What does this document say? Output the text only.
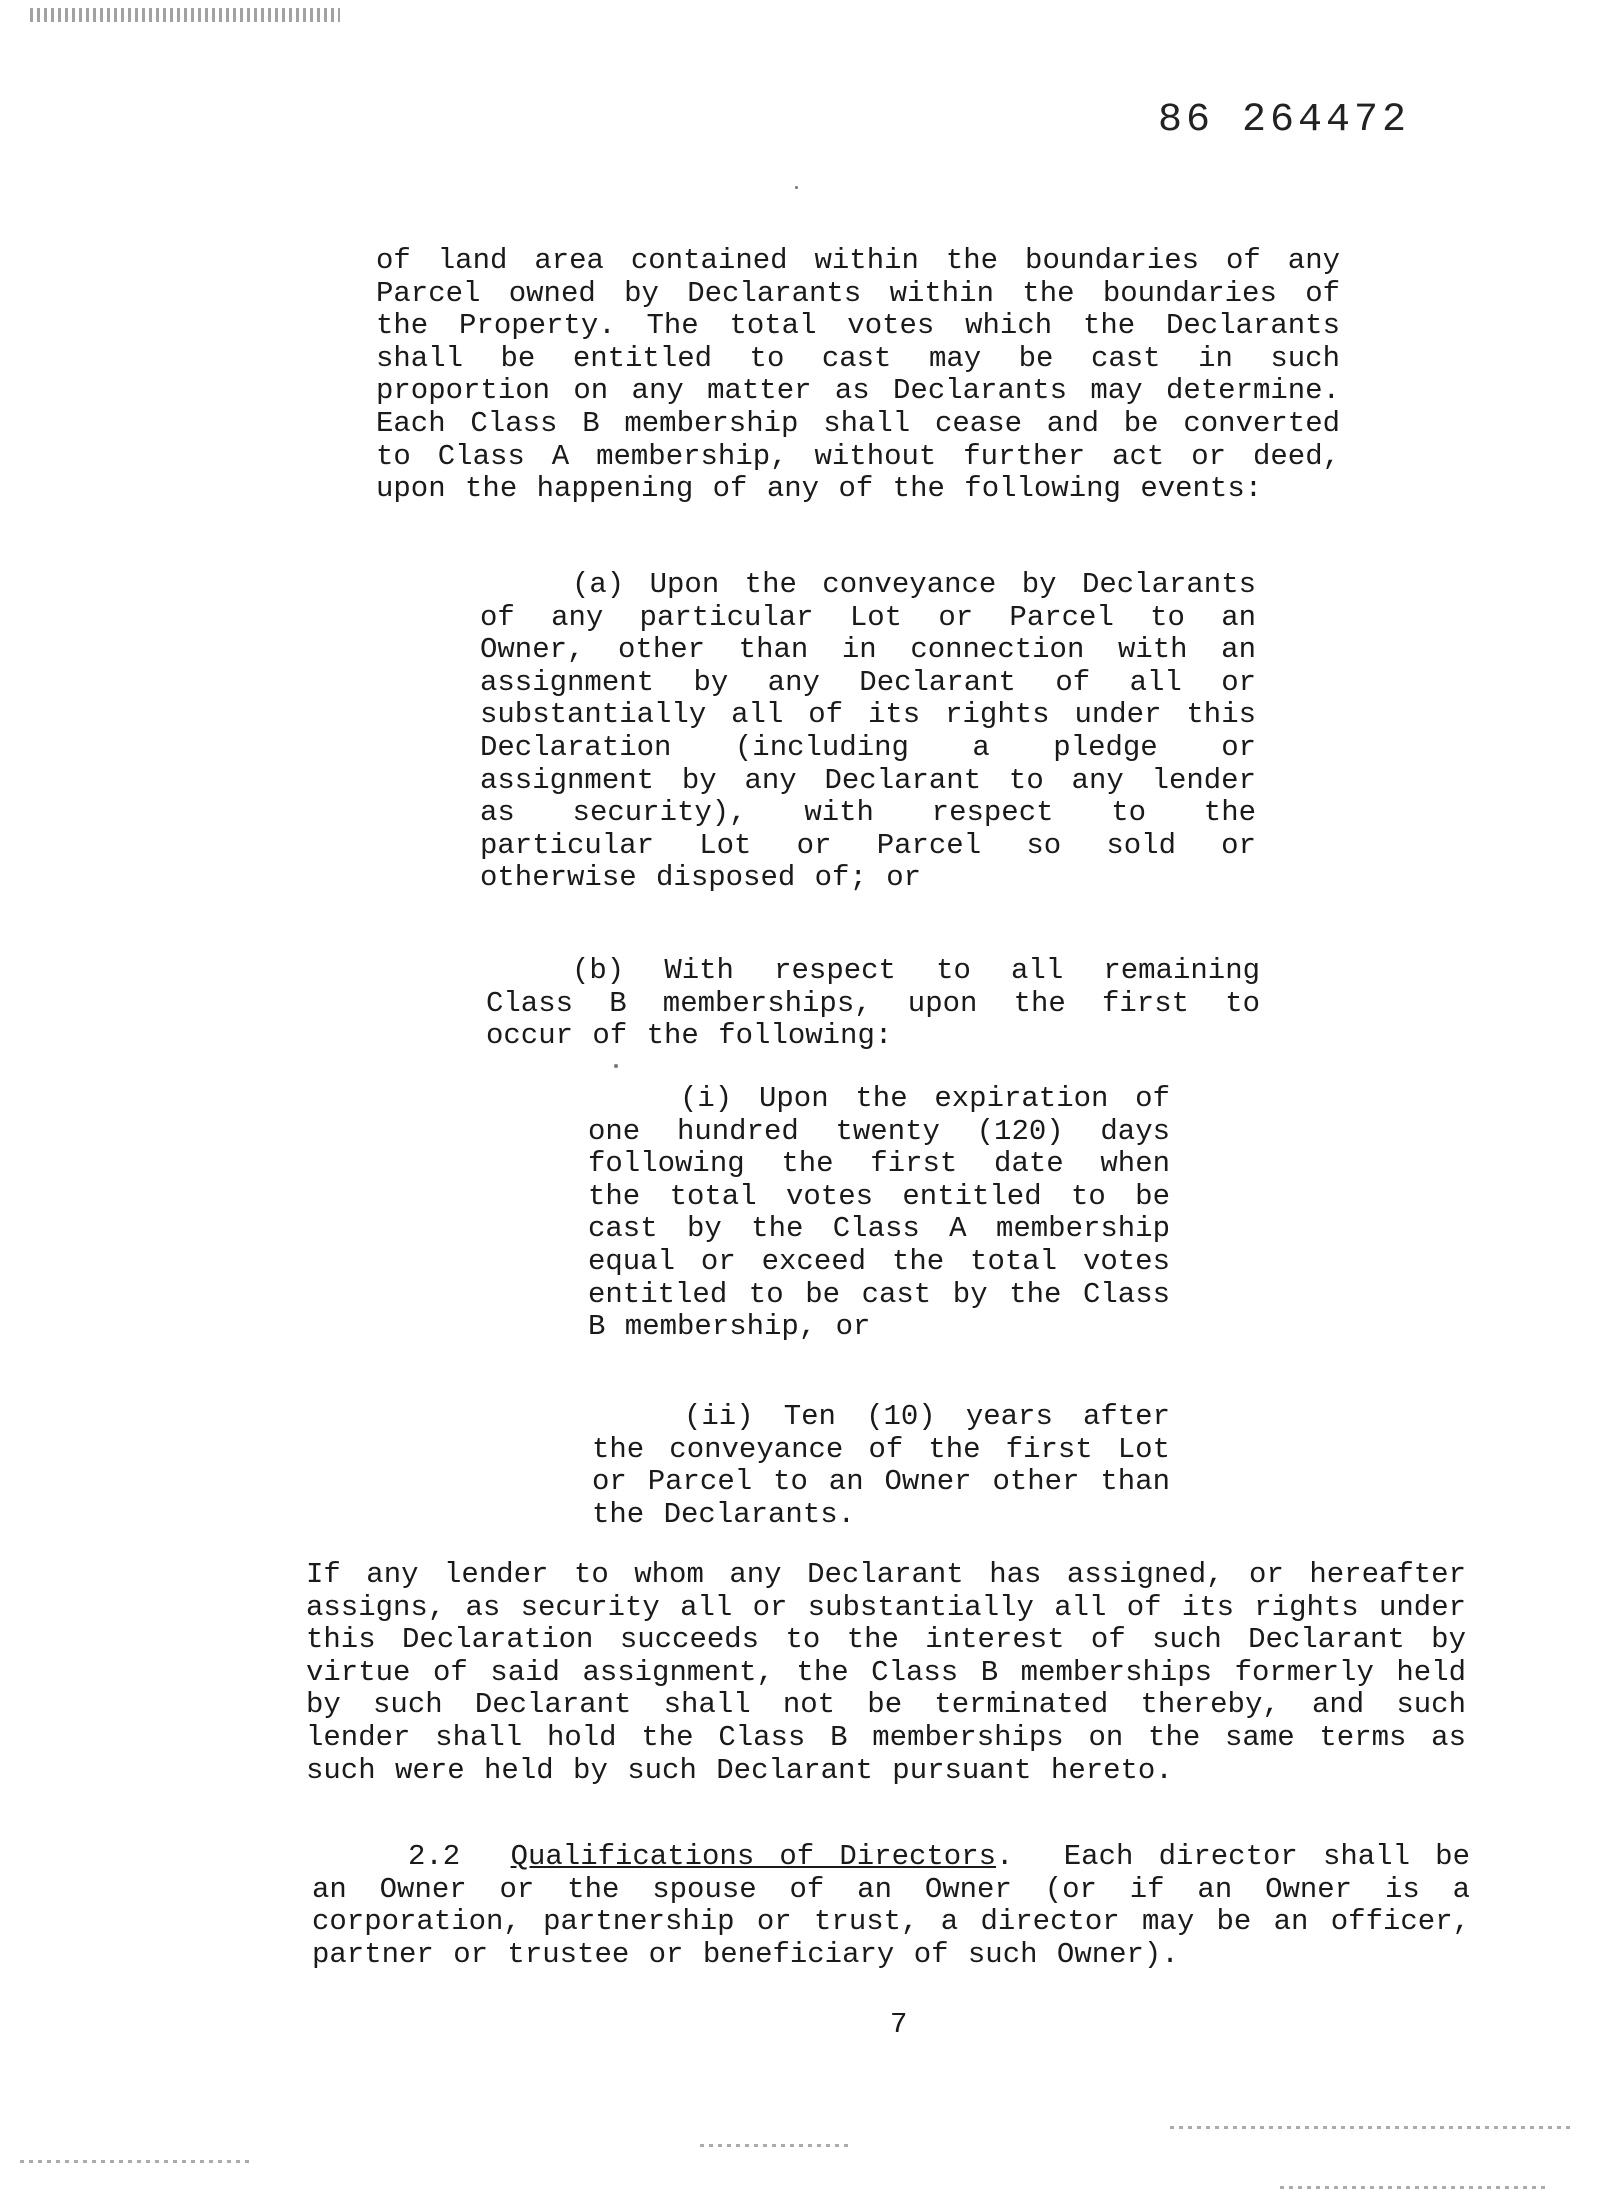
86 264472

of land area contained within the boundaries of any Parcel owned by Declarants within the boundaries of the Property. The total votes which the Declarants shall be entitled to cast may be cast in such proportion on any matter as Declarants may determine. Each Class B membership shall cease and be converted to Class A membership, without further act or deed, upon the happening of any of the following events:

(a) Upon the conveyance by Declarants of any particular Lot or Parcel to an Owner, other than in connection with an assignment by any Declarant of all or substantially all of its rights under this Declaration (including a pledge or assignment by any Declarant to any lender as security), with respect to the particular Lot or Parcel so sold or otherwise disposed of; or

(b) With respect to all remaining Class B memberships, upon the first to occur of the following:

(i) Upon the expiration of one hundred twenty (120) days following the first date when the total votes entitled to be cast by the Class A membership equal or exceed the total votes entitled to be cast by the Class B membership, or

(ii) Ten (10) years after the conveyance of the first Lot or Parcel to an Owner other than the Declarants.

If any lender to whom any Declarant has assigned, or hereafter assigns, as security all or substantially all of its rights under this Declaration succeeds to the interest of such Declarant by virtue of said assignment, the Class B memberships formerly held by such Declarant shall not be terminated thereby, and such lender shall hold the Class B memberships on the same terms as such were held by such Declarant pursuant hereto.

2.2 Qualifications of Directors. Each director shall be an Owner or the spouse of an Owner (or if an Owner is a corporation, partnership or trust, a director may be an officer, partner or trustee or beneficiary of such Owner).

7
